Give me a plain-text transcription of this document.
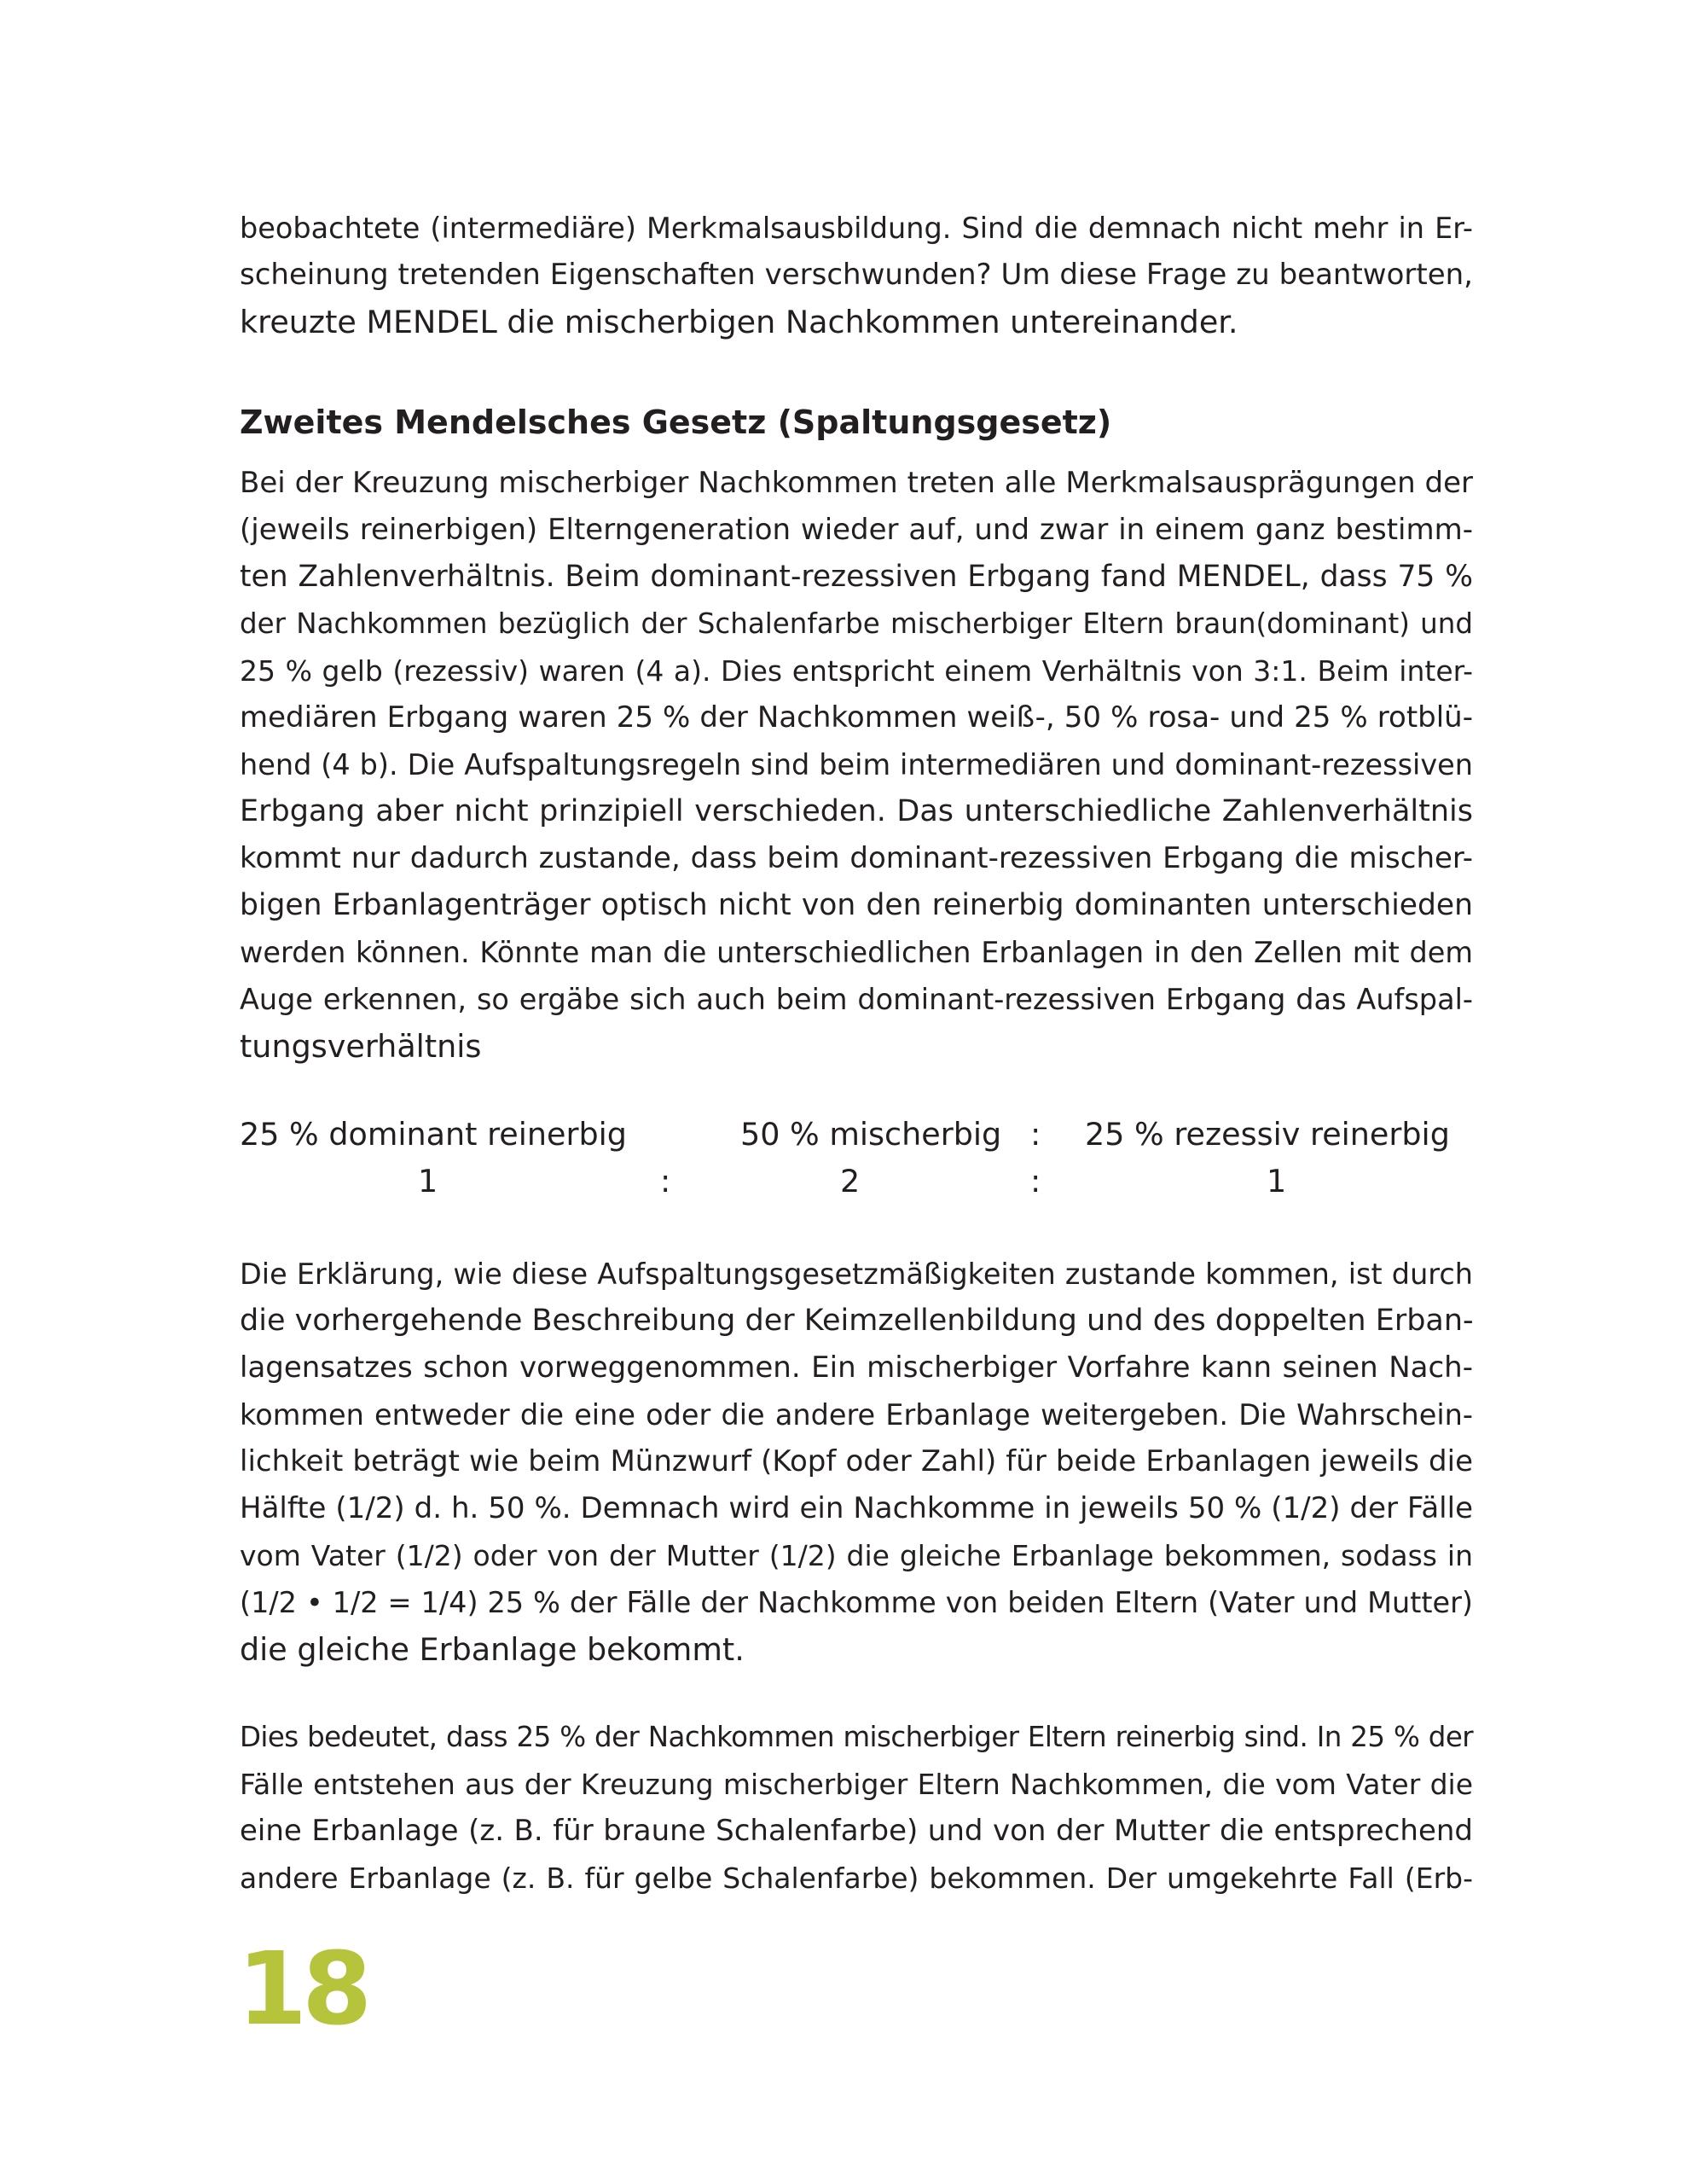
beobachtete (intermediäre) Merkmalsausbildung. Sind die demnach nicht mehr in Er-
scheinung tretenden Eigenschaften verschwunden? Um diese Frage zu beantworten,
kreuzte MENDEL die mischerbigen Nachkommen untereinander.
Zweites Mendelsches Gesetz (Spaltungsgesetz)
Bei der Kreuzung mischerbiger Nachkommen treten alle Merkmalsausprägungen der
(jeweils reinerbigen) Elterngeneration wieder auf, und zwar in einem ganz bestimm-
ten Zahlenverhältnis. Beim dominant-rezessiven Erbgang fand MENDEL, dass 75 %
der Nachkommen bezüglich der Schalenfarbe mischerbiger Eltern braun(dominant) und
25 % gelb (rezessiv) waren (4 a). Dies entspricht einem Verhältnis von 3:1. Beim inter-
mediären Erbgang waren 25 % der Nachkommen weiß-, 50 % rosa- und 25 % rotblü-
hend (4 b). Die Aufspaltungsregeln sind beim intermediären und dominant-rezessiven
Erbgang aber nicht prinzipiell verschieden. Das unterschiedliche Zahlenverhältnis
kommt nur dadurch zustande, dass beim dominant-rezessiven Erbgang die mischer-
bigen Erbanlagenträger optisch nicht von den reinerbig dominanten unterschieden
werden können. Könnte man die unterschiedlichen Erbanlagen in den Zellen mit dem
Auge erkennen, so ergäbe sich auch beim dominant-rezessiven Erbgang das Aufspal-
tungsverhältnis
25 % dominant reinerbig	50 % mischerbig : 25 % rezessiv reinerbig
1	:	2	:	1
Die Erklärung, wie diese Aufspaltungsgesetzmäßigkeiten zustande kommen, ist durch
die vorhergehende Beschreibung der Keimzellenbildung und des doppelten Erban-
lagensatzes schon vorweggenommen. Ein mischerbiger Vorfahre kann seinen Nach-
kommen entweder die eine oder die andere Erbanlage weitergeben. Die Wahrschein-
lichkeit beträgt wie beim Münzwurf (Kopf oder Zahl) für beide Erbanlagen jeweils die
Hälfte (1/2) d. h. 50 %. Demnach wird ein Nachkomme in jeweils 50 % (1/2) der Fälle
vom Vater (1/2) oder von der Mutter (1/2) die gleiche Erbanlage bekommen, sodass in
(1/2 • 1/2 = 1/4) 25 % der Fälle der Nachkomme von beiden Eltern (Vater und Mutter)
die gleiche Erbanlage bekommt.
Dies bedeutet, dass 25 % der Nachkommen mischerbiger Eltern reinerbig sind. In 25 % der
Fälle entstehen aus der Kreuzung mischerbiger Eltern Nachkommen, die vom Vater die
eine Erbanlage (z. B. für braune Schalenfarbe) und von der Mutter die entsprechend
andere Erbanlage (z. B. für gelbe Schalenfarbe) bekommen. Der umgekehrte Fall (Erb-
18
